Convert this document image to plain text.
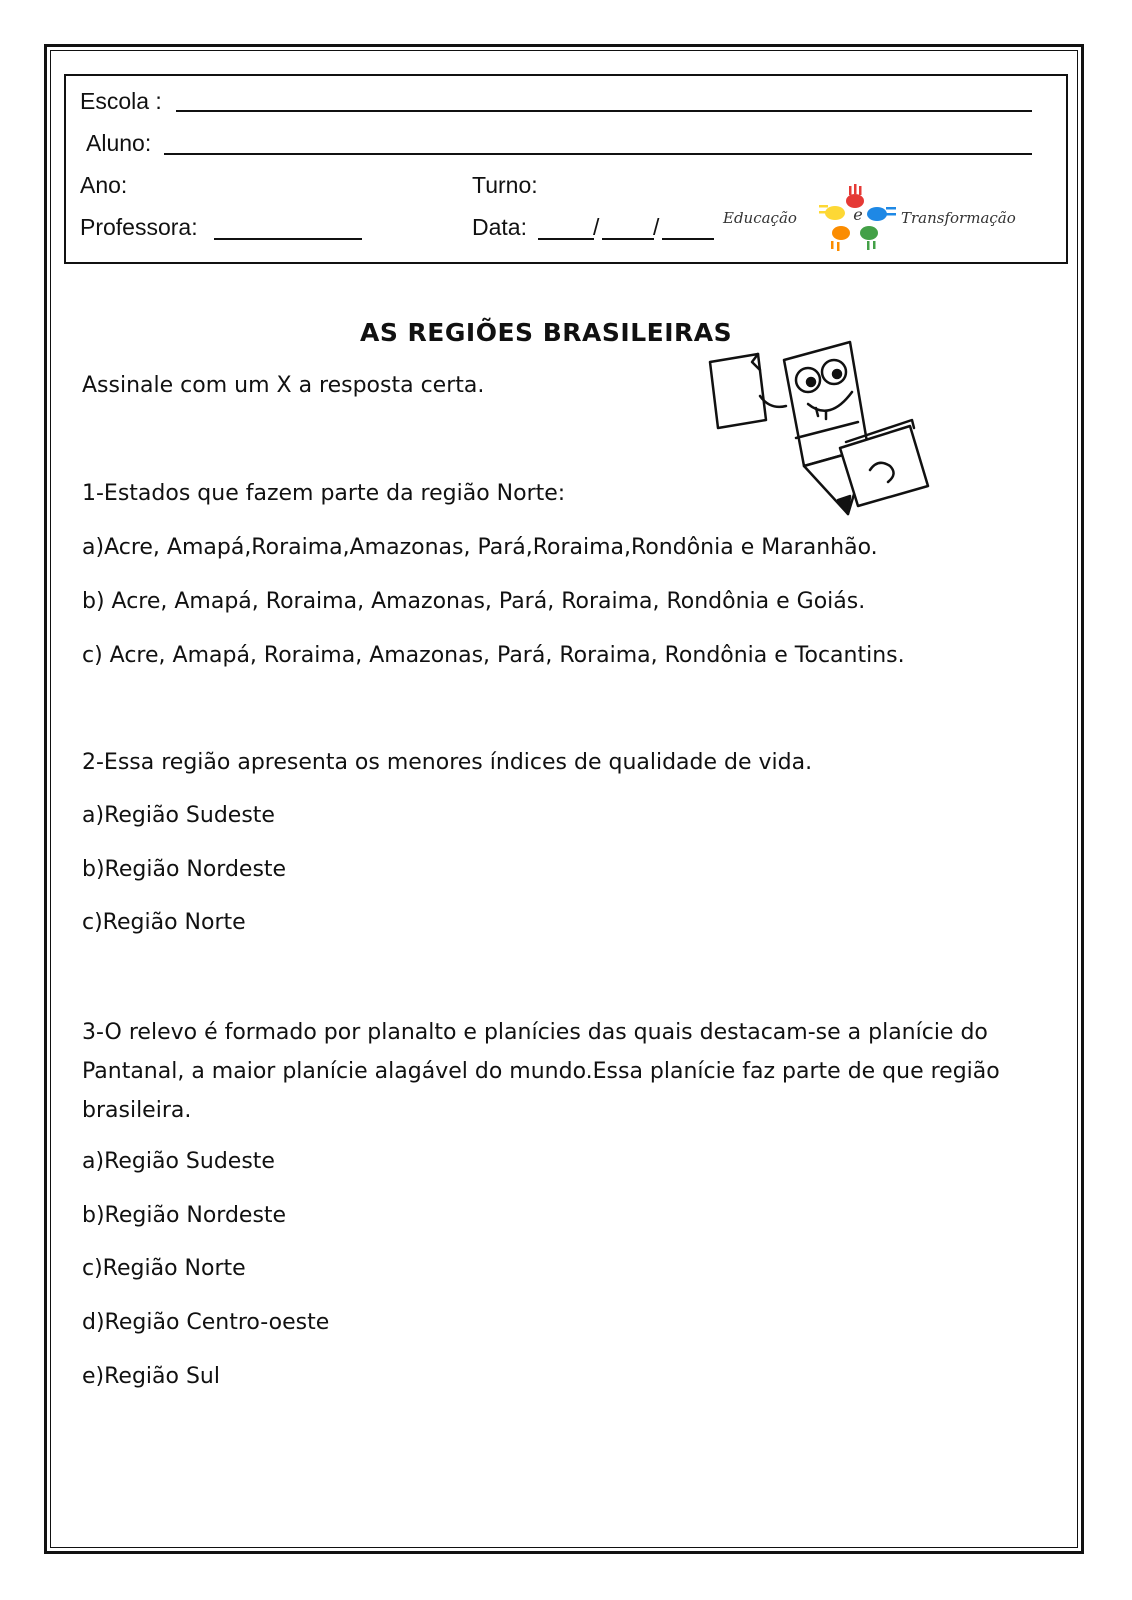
Escola :
Aluno:
Ano:	Turno:
Professora:	Data:	/ /	Educação	e	Transformação
AS REGIÕES BRASILEIRAS
Assinale com um X a resposta certa.
1-Estados que fazem parte da região Norte:
a)Acre, Amapá,Roraima,Amazonas, Pará,Roraima,Rondônia e Maranhão.
b) Acre, Amapá, Roraima, Amazonas, Pará, Roraima, Rondônia e Goiás.
c) Acre, Amapá, Roraima, Amazonas, Pará, Roraima, Rondônia e Tocantins.
2-Essa região apresenta os menores índices de qualidade de vida.
a)Região Sudeste
b)Região Nordeste
c)Região Norte
3-O relevo é formado por planalto e planícies das quais destacam-se a planície do Pantanal, a maior planície alagável do mundo.Essa planície faz parte de que região brasileira.
a)Região Sudeste
b)Região Nordeste
c)Região Norte
d)Região Centro-oeste
e)Região Sul
